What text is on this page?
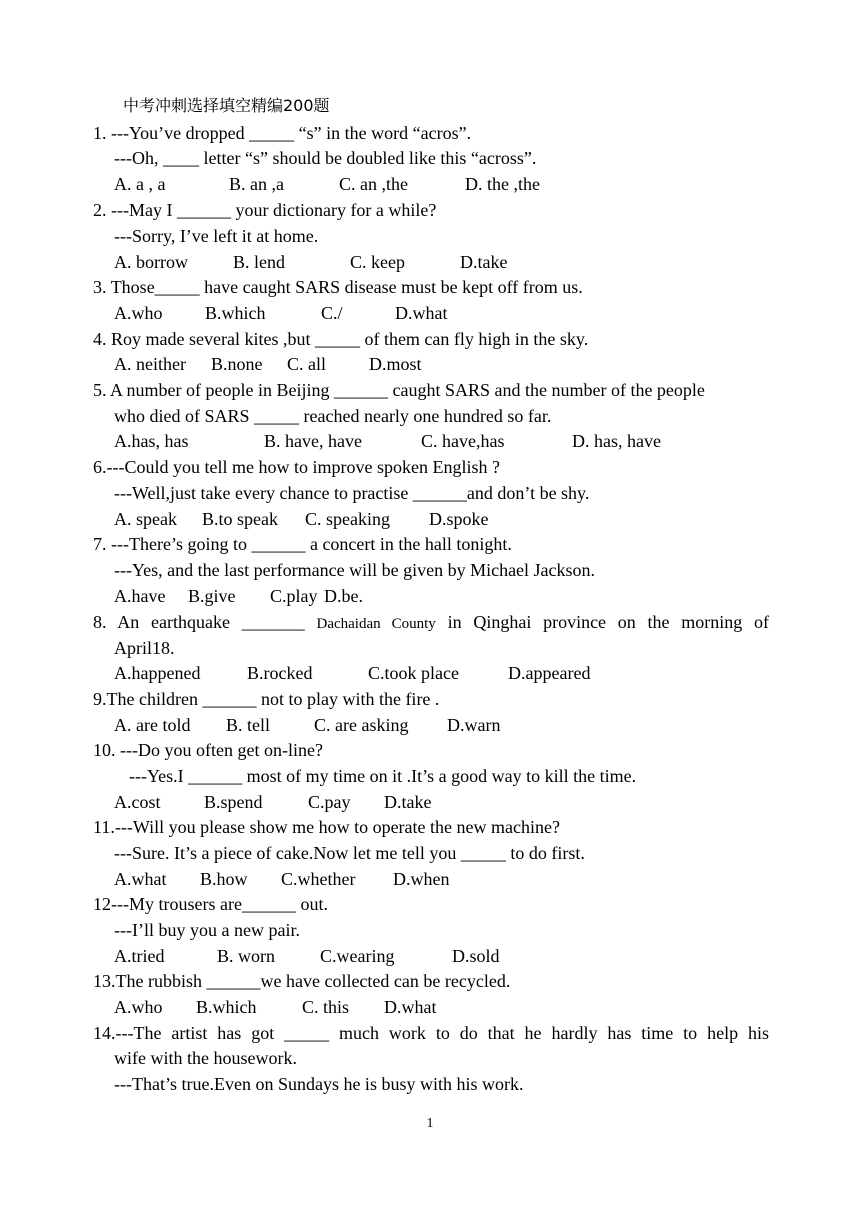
中考冲刺选择填空精编200题
1. ---You’ve dropped _____ “s” in the word “acros”.
---Oh, ____ letter “s” should be doubled like this “across”.
A. a , a	B. an ,a	C. an ,the	D. the ,the
2. ---May I ______ your dictionary for a while?
---Sorry, I’ve left it at home.
A. borrow	B. lend	C. keep	D.take
3. Those_____ have caught SARS disease must be kept off from us.
A.who B.which	C./	D.what
4. Roy made several kites ,but _____ of them can fly high in the sky.
A. neither B.none C. all D.most
5. A number of people in Beijing ______ caught SARS and the number of the people
who died of SARS _____ reached nearly one hundred so far.
A.has, has	B. have, have	C. have,has	D. has, have
6.---Could you tell me how to improve spoken English ?
---Well,just take every chance to practise ______and don’t be shy.
A. speak B.to speak C. speaking D.spoke
7. ---There’s going to ______ a concert in the hall tonight.
---Yes, and the last performance will be given by Michael Jackson.
A.have B.give C.play D.be.
8. An earthquake _______ Dachaidan County in Qinghai province on the morning of
April18.
A.happened	B.rocked	C.took place	D.appeared
9.The children ______ not to play with the fire .
A. are told B. tell C. are asking D.warn
10. ---Do you often get on-line?
---Yes.I ______ most of my time on it .It’s a good way to kill the time.
A.cost B.spend	C.pay D.take
11.---Will you please show me how to operate the new machine?
---Sure. It’s a piece of cake.Now let me tell you _____ to do first.
A.what B.how C.whether D.when
12---My trousers are______ out.
---I’ll buy you a new pair.
A.tried	B. worn	C.wearing	D.sold
13.The rubbish ______we have collected can be recycled.
A.who B.which	C. this D.what
14.---The artist has got _____ much work to do that he hardly has time to help his
wife with the housework.
---That’s true.Even on Sundays he is busy with his work.
1
